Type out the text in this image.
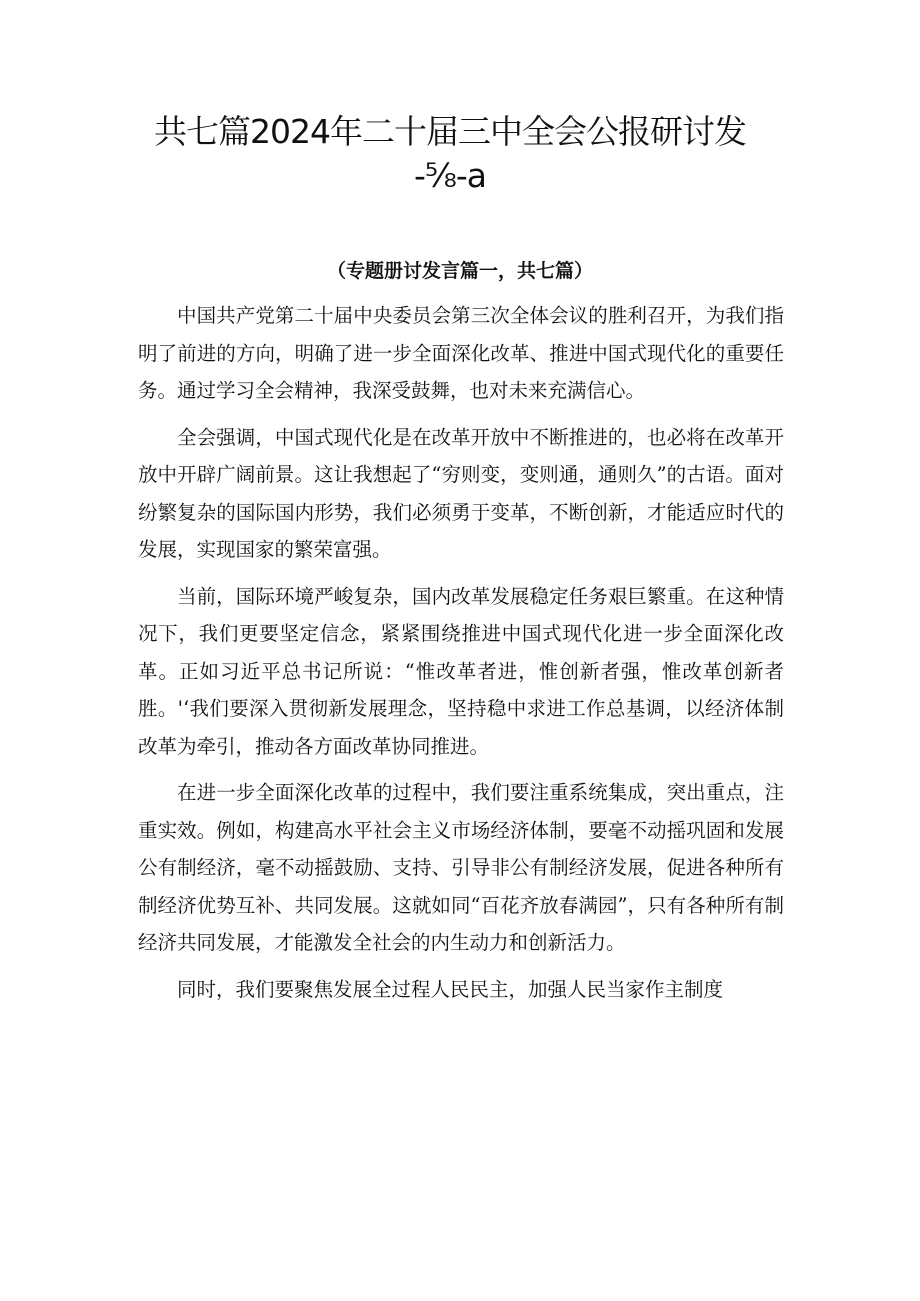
共七篇2024年二十届三中全会公报研讨发
-⅝-a
（专题册讨发言篇一，共七篇）

中国共产党第二十届中央委员会第三次全体会议的胜利召开，为我们指明了前进的方向，明确了进一步全面深化改革、推进中国式现代化的重要任务。通过学习全会精神，我深受鼓舞，也对未来充满信心。

全会强调，中国式现代化是在改革开放中不断推进的，也必将在改革开放中开辟广阔前景。这让我想起了“穷则变，变则通，通则久”的古语。面对纷繁复杂的国际国内形势，我们必须勇于变革，不断创新，才能适应时代的发展，实现国家的繁荣富强。

当前，国际环境严峻复杂，国内改革发展稳定任务艰巨繁重。在这种情况下，我们更要坚定信念，紧紧围绕推进中国式现代化进一步全面深化改革。正如习近平总书记所说：“惟改革者进，惟创新者强，惟改革创新者胜。'‘我们要深入贯彻新发展理念，坚持稳中求进工作总基调，以经济体制改革为牵引，推动各方面改革协同推进。

在进一步全面深化改革的过程中，我们要注重系统集成，突出重点，注重实效。例如，构建高水平社会主义市场经济体制，要毫不动摇巩固和发展公有制经济，毫不动摇鼓励、支持、引导非公有制经济发展，促进各种所有制经济优势互补、共同发展。这就如同“百花齐放春满园”，只有各种所有制经济共同发展，才能激发全社会的内生动力和创新活力。

同时，我们要聚焦发展全过程人民民主，加强人民当家作主制度
